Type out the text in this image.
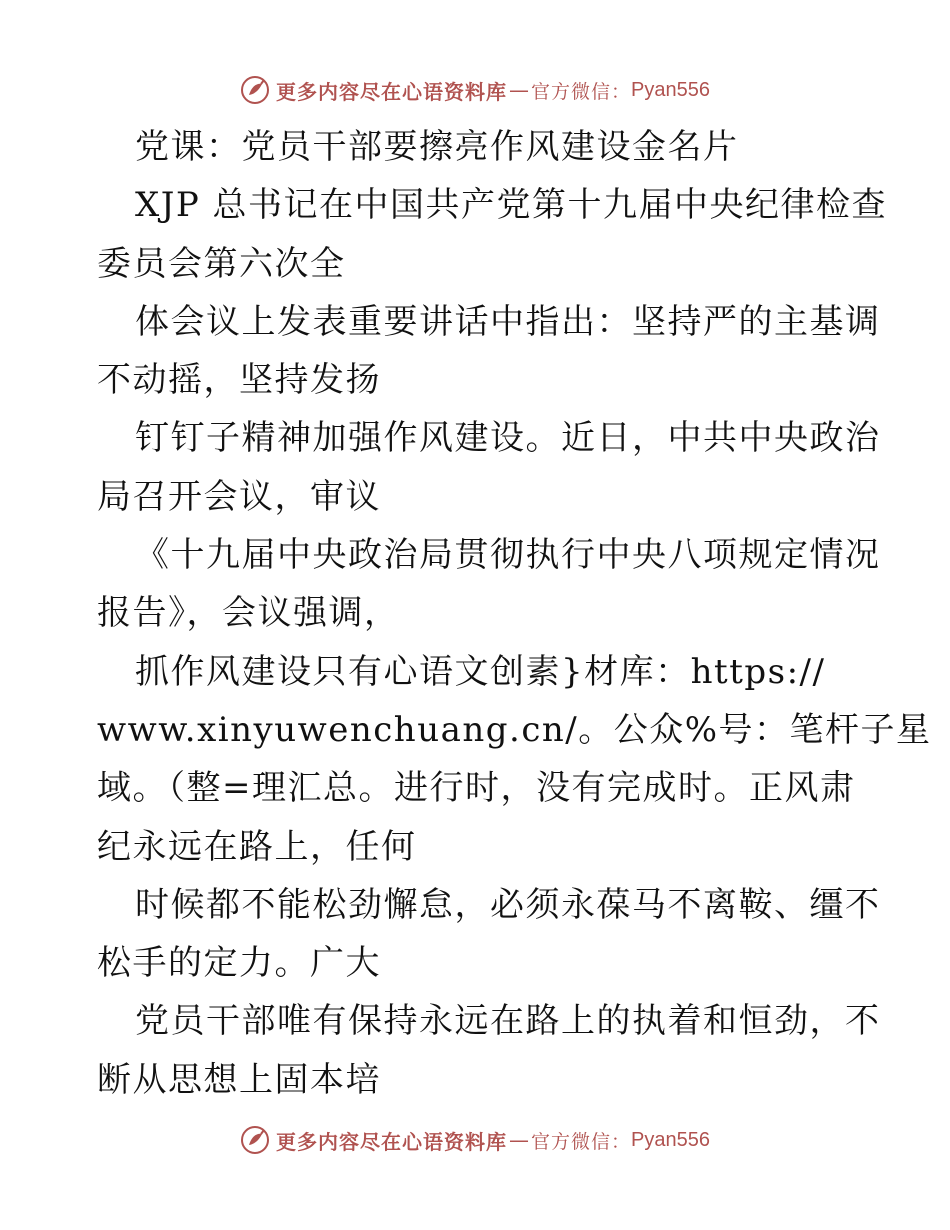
更多内容尽在心语资料库 — 官方微信： Pyan556
党课：党员干部要擦亮作风建设金名片
XJP 总书记在中国共产党第十九届中央纪律检查
委员会第六次全
体会议上发表重要讲话中指出：坚持严的主基调
不动摇，坚持发扬
钉钉子精神加强作风建设。近日，中共中央政治
局召开会议，审议
《十九届中央政治局贯彻执行中央八项规定情况
报告》，会议强调，
抓作风建设只有心语文创素}材库：https://
www.xinyuwenchuang.cn/。公众%号：笔杆子星
域。（整=理汇总。进行时，没有完成时。正风肃
纪永远在路上，任何
时候都不能松劲懈怠，必须永葆马不离鞍、缰不
松手的定力。广大
党员干部唯有保持永远在路上的执着和恒劲，不
断从思想上固本培
更多内容尽在心语资料库 — 官方微信： Pyan556
